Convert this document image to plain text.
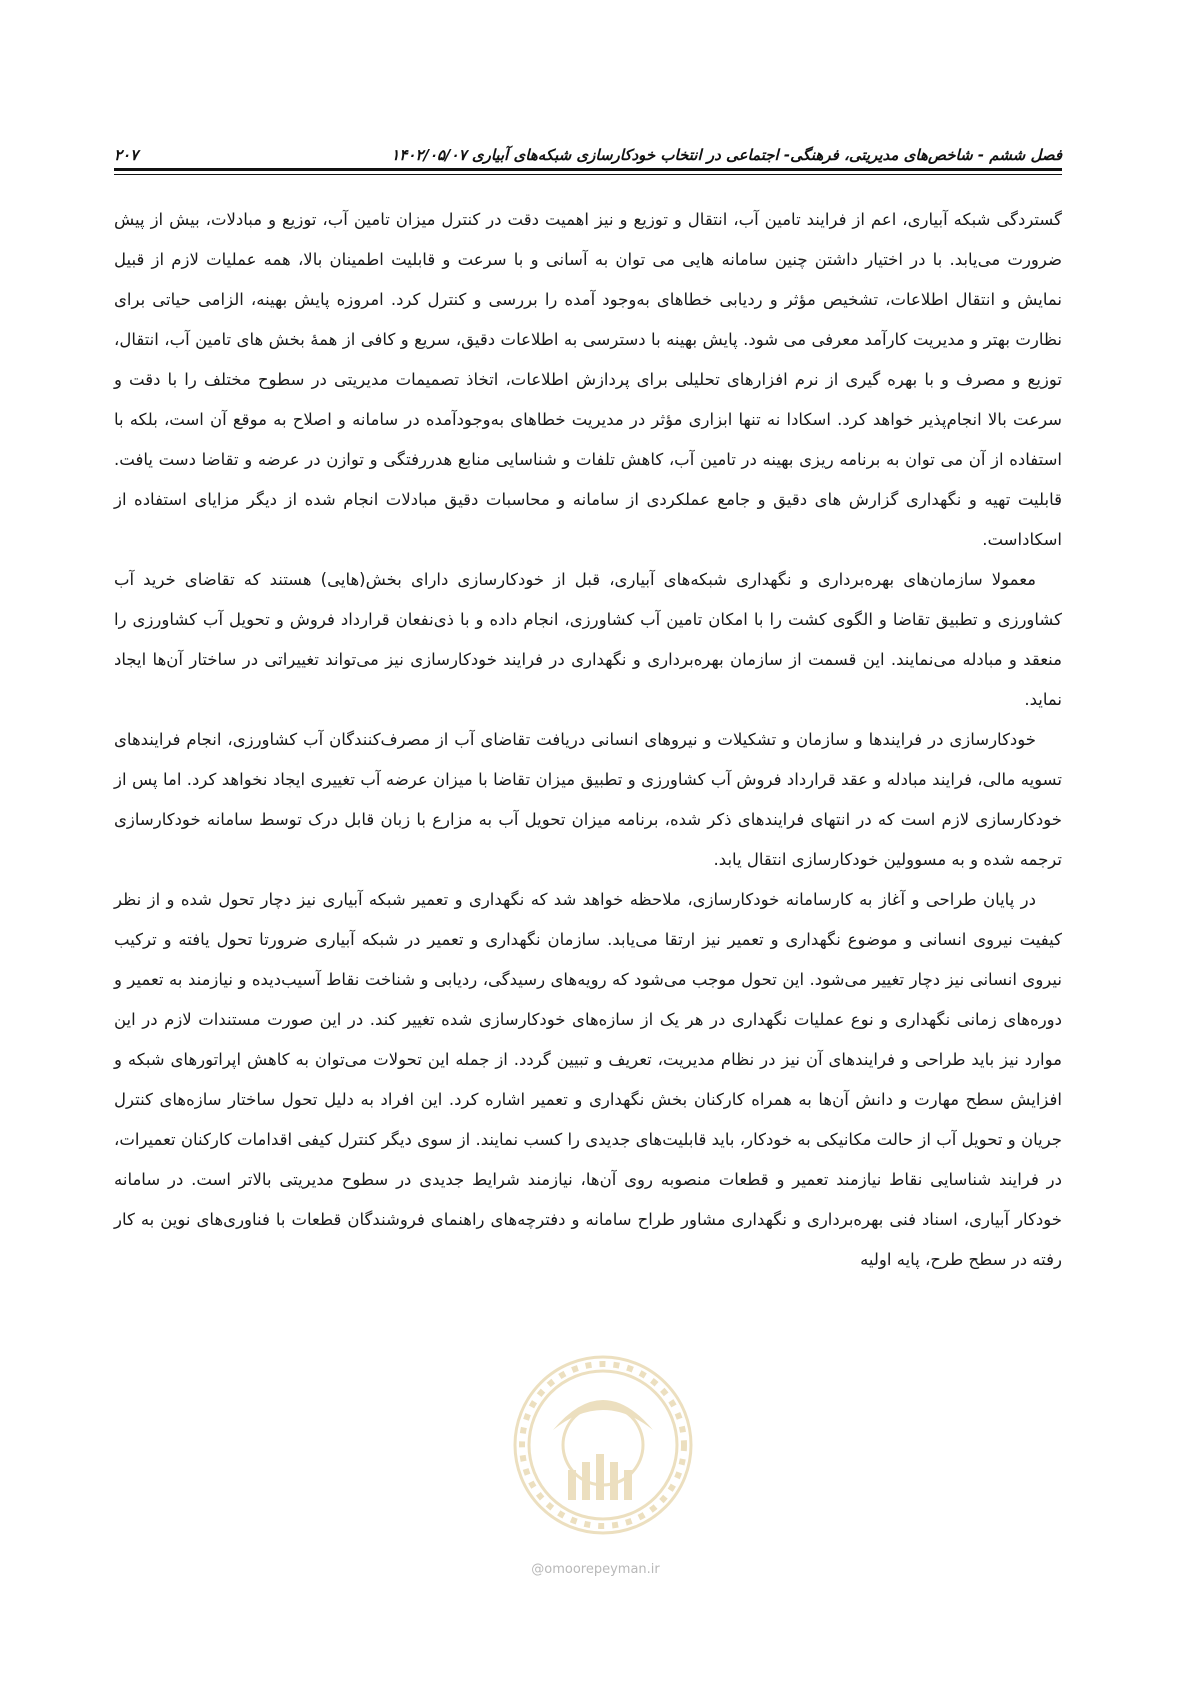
فصل ششم - شاخص‌های مدیریتی، فرهنگی- اجتماعی در انتخاب خودکارسازی شبکه‌های آبیاری ۱۴۰۲/۰۵/۰۷
۲۰۷

گستردگی شبکه آبیاری، اعم از فرایند تامین آب، انتقال و توزیع و نیز اهمیت دقت در کنترل میزان تامین آب، توزیع و مبادلات، بیش از پیش ضرورت می‌یابد. با در اختیار داشتن چنین سامانه هایی می توان به آسانی و با سرعت و قابلیت اطمینان بالا، همه عملیات لازم از قبیل نمایش و انتقال اطلاعات، تشخیص مؤثر و ردیابی خطاهای به‌وجود آمده را بررسی و کنترل کرد. امروزه پایش بهینه، الزامی حیاتی برای نظارت بهتر و مدیریت کارآمد معرفی می شود. پایش بهینه با دسترسی به اطلاعات دقیق، سریع و کافی از همهٔ بخش های تامین آب، انتقال، توزیع و مصرف و با بهره گیری از نرم افزارهای تحلیلی برای پردازش اطلاعات، اتخاذ تصمیمات مدیریتی در سطوح مختلف را با دقت و سرعت بالا انجام‌پذیر خواهد کرد. اسکادا نه تنها ابزاری مؤثر در مدیریت خطاهای به‌وجودآمده در سامانه و اصلاح به موقع آن است، بلکه با استفاده از آن می توان به برنامه ریزی بهینه در تامین آب، کاهش تلفات و شناسایی منابع هدررفتگی و توازن در عرضه و تقاضا دست یافت. قابلیت تهیه و نگهداری گزارش های دقیق و جامع عملکردی از سامانه و محاسبات دقیق مبادلات انجام شده از دیگر مزایای استفاده از اسکاداست.

معمولا سازمان‌های بهره‌برداری و نگهداری شبکه‌های آبیاری، قبل از خودکارسازی دارای بخش(هایی) هستند که تقاضای خرید آب کشاورزی و تطبیق تقاضا و الگوی کشت را با امکان تامین آب کشاورزی، انجام داده و با ذی‌نفعان قرارداد فروش و تحویل آب کشاورزی را منعقد و مبادله می‌نمایند. این قسمت از سازمان بهره‌برداری و نگهداری در فرایند خودکارسازی نیز می‌تواند تغییراتی در ساختار آن‌ها ایجاد نماید.

خودکارسازی در فرایندها و سازمان و تشکیلات و نیروهای انسانی دریافت تقاضای آب از مصرف‌کنندگان آب کشاورزی، انجام فرایندهای تسویه مالی، فرایند مبادله و عقد قرارداد فروش آب کشاورزی و تطبیق میزان تقاضا با میزان عرضه آب تغییری ایجاد نخواهد کرد. اما پس از خودکارسازی لازم است که در انتهای فرایندهای ذکر شده، برنامه میزان تحویل آب به مزارع با زبان قابل درک توسط سامانه خودکارسازی ترجمه شده و به مسوولین خودکارسازی انتقال یابد.

در پایان طراحی و آغاز به کارسامانه خودکارسازی، ملاحظه خواهد شد که نگهداری و تعمیر شبکه آبیاری نیز دچار تحول شده و از نظر کیفیت نیروی انسانی و موضوع نگهداری و تعمیر نیز ارتقا می‌یابد. سازمان نگهداری و تعمیر در شبکه آبیاری ضرورتا تحول یافته و ترکیب نیروی انسانی نیز دچار تغییر می‌شود. این تحول موجب می‌شود که رویه‌های رسیدگی، ردیابی و شناخت نقاط آسیب‌دیده و نیازمند به تعمیر و دوره‌های زمانی نگهداری و نوع عملیات نگهداری در هر یک از سازه‌های خودکارسازی شده تغییر کند. در این صورت مستندات لازم در این موارد نیز باید طراحی و فرایندهای آن نیز در نظام مدیریت، تعریف و تبیین گردد. از جمله این تحولات می‌توان به کاهش اپراتورهای شبکه و افزایش سطح مهارت و دانش آن‌ها به همراه کارکنان بخش نگهداری و تعمیر اشاره کرد. این افراد به دلیل تحول ساختار سازه‌های کنترل جریان و تحویل آب از حالت مکانیکی به خودکار، باید قابلیت‌های جدیدی را کسب نمایند. از سوی دیگر کنترل کیفی اقدامات کارکنان تعمیرات، در فرایند شناسایی نقاط نیازمند تعمیر و قطعات منصوبه روی آن‌ها، نیازمند شرایط جدیدی در سطوح مدیریتی بالاتر است. در سامانه خودکار آبیاری، اسناد فنی بهره‌برداری و نگهداری مشاور طراح سامانه و دفترچه‌های راهنمای فروشندگان قطعات با فناوری‌های نوین به کار رفته در سطح طرح، پایه اولیه

@omoorepeyman.ir
